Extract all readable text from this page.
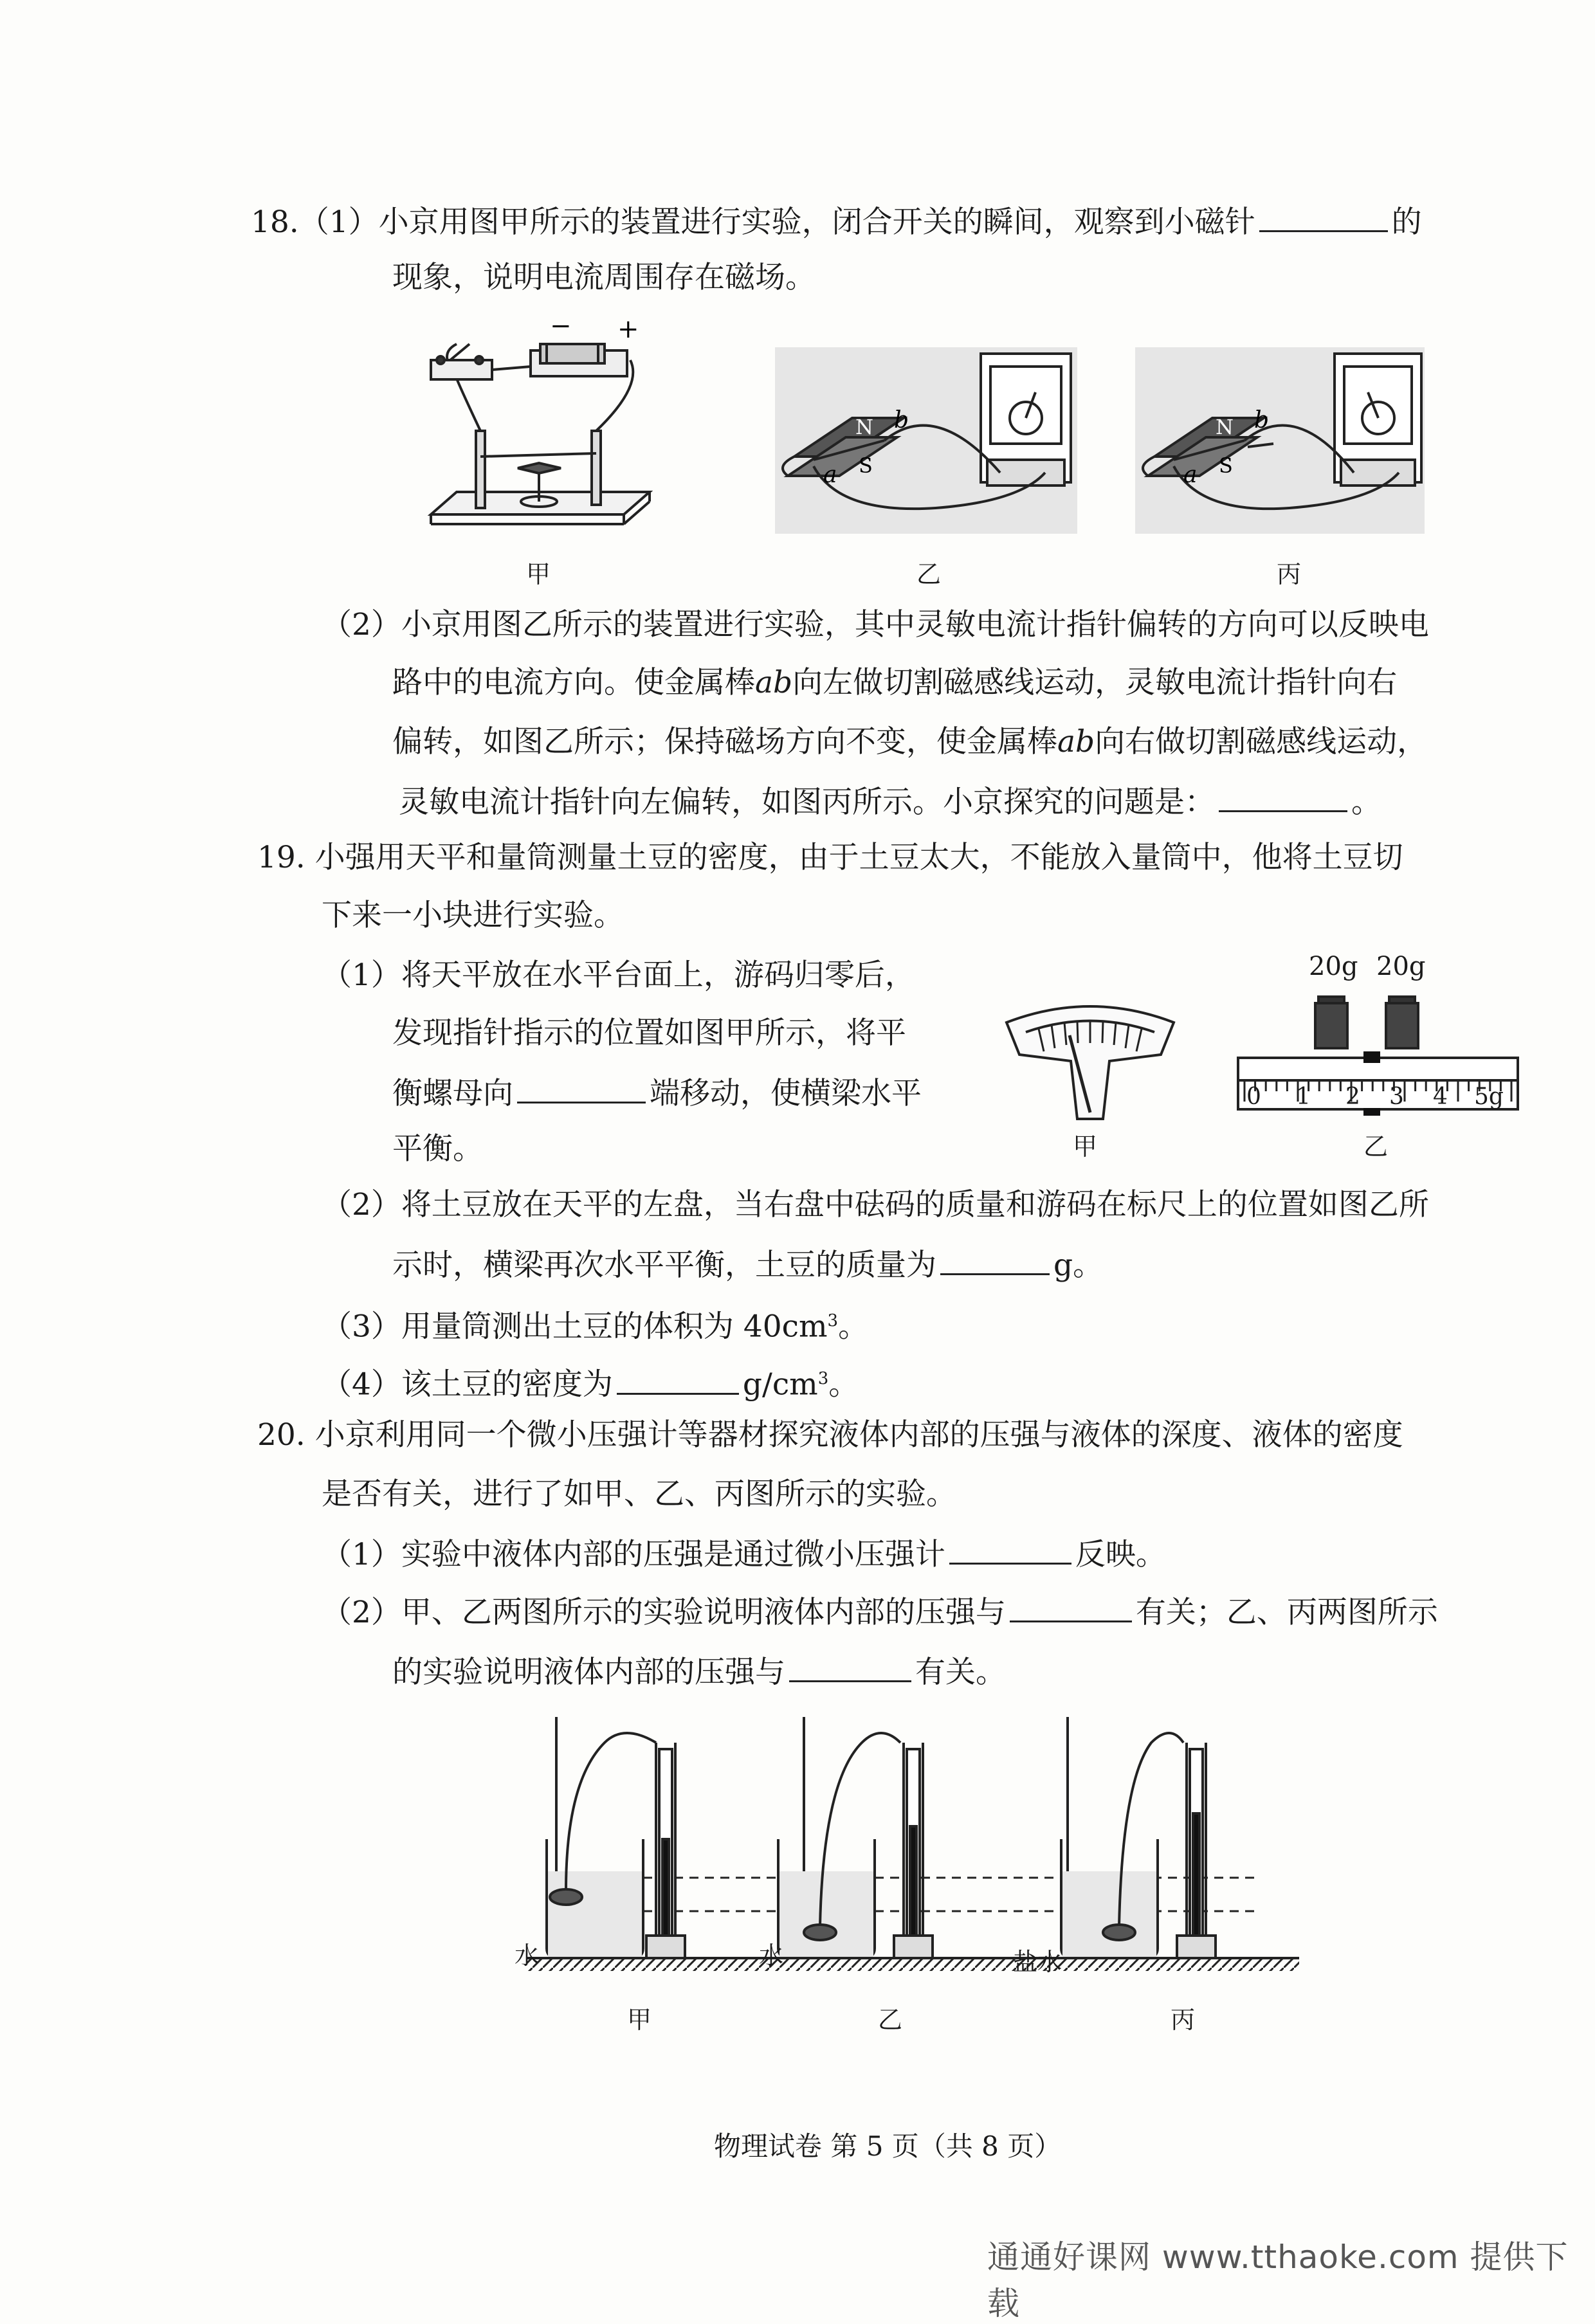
18.（1）小京用图甲所示的装置进行实验，闭合开关的瞬间，观察到小磁针	的
现象，说明电流周围存在磁场。
− +
甲
N
S
b
a
乙
N
S
b
a
丙
（2）小京用图乙所示的装置进行实验，其中灵敏电流计指针偏转的方向可以反映电
路中的电流方向。使金属棒ab向左做切割磁感线运动，灵敏电流计指针向右
偏转，如图乙所示；保持磁场方向不变，使金属棒ab向右做切割磁感线运动，
灵敏电流计指针向左偏转，如图丙所示。小京探究的问题是：	。
19. 小强用天平和量筒测量土豆的密度，由于土豆太大，不能放入量筒中，他将土豆切
下来一小块进行实验。
（1）将天平放在水平台面上，游码归零后，
发现指针指示的位置如图甲所示，将平
衡螺母向	端移动，使横梁水平
平衡。	甲
20g 20g
0 1 2 3 4 5g
乙
（2）将土豆放在天平的左盘，当右盘中砝码的质量和游码在标尺上的位置如图乙所
示时，横梁再次水平平衡，土豆的质量为	g。
（3）用量筒测出土豆的体积为 $40cm^3$。
（4）该土豆的密度为	$g/cm^3$。
20. 小京利用同一个微小压强计等器材探究液体内部的压强与液体的深度、液体的密度
是否有关，进行了如甲、乙、丙图所示的实验。
（1）实验中液体内部的压强是通过微小压强计	反映。
（2）甲、乙两图所示的实验说明液体内部的压强与	有关；乙、丙两图所示
的实验说明液体内部的压强与	有关。
水	水	盐水
甲	乙	丙
物理试卷 第 5 页（共 8 页）
通通好课网 www.tthaoke.com 提供下载
